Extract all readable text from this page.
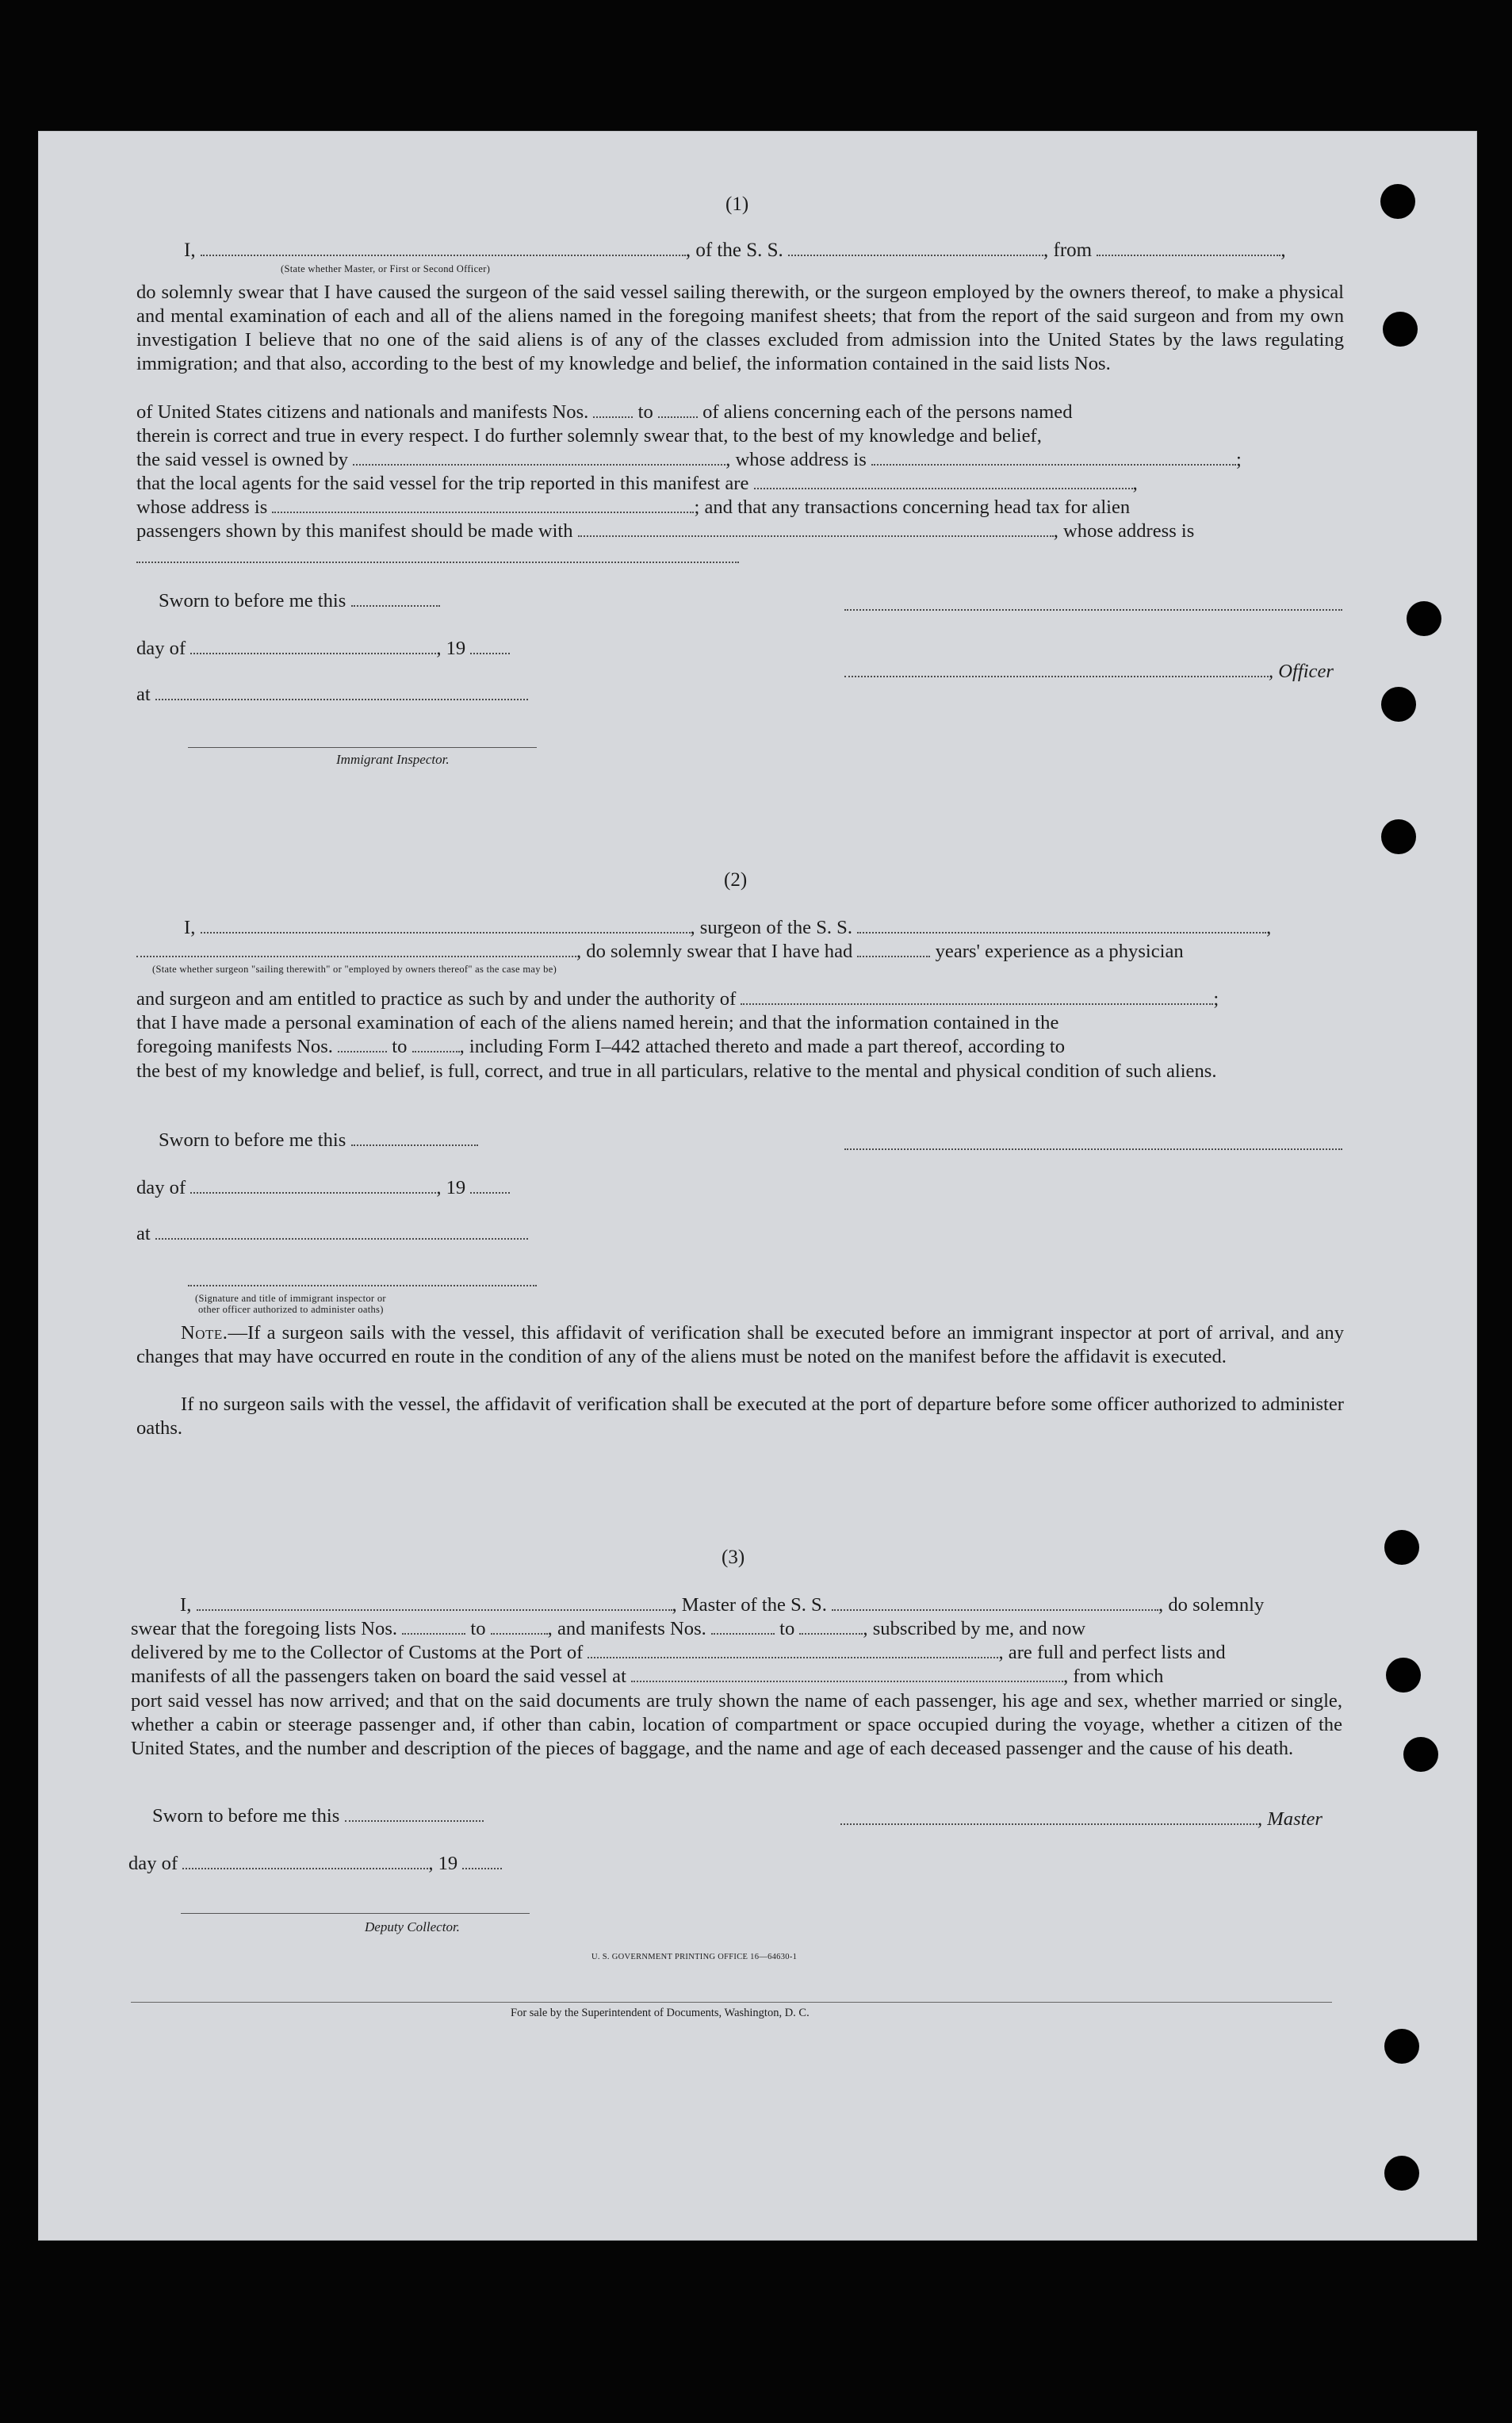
(1)
I,	, of the S. S.	, from	,
(State whether Master, or First or Second Officer)

do solemnly swear that I have caused the surgeon of the said vessel sailing therewith, or the surgeon employed by the owners thereof, to make a physical and mental examination of each and all of the aliens named in the foregoing manifest sheets; that from the report of the said surgeon and from my own investigation I believe that no one of the said aliens is of any of the classes excluded from admission into the United States by the laws regulating immigration; and that also, according to the best of my knowledge and belief, the information contained in the said lists Nos.

of United States citizens and nationals and manifests Nos.	to	of aliens concerning each of the persons named
therein is correct and true in every respect. I do further solemnly swear that, to the best of my knowledge and belief,
the said vessel is owned by	, whose address is	;
that the local agents for the said vessel for the trip reported in this manifest are	,
whose address is	; and that any transactions concerning head tax for alien
passengers shown by this manifest should be made with	, whose address is
Sworn to before me this
day of	, 19
, Officer
at
Immigrant Inspector.
(2)
I,	, surgeon of the S. S.	,
, do solemnly swear that I have had	years' experience as a physician
(State whether surgeon "sailing therewith" or "employed by owners thereof" as the case may be)
and surgeon and am entitled to practice as such by and under the authority of	;
that I have made a personal examination of each of the aliens named herein; and that the information contained in the
foregoing manifests Nos.	to	, including Form I–442 attached thereto and made a part thereof, according to

the best of my knowledge and belief, is full, correct, and true in all particulars, relative to the mental and physical condition of such aliens.

Sworn to before me this
day of	, 19
at
(Signature and title of immigrant inspector or
other officer authorized to administer oaths)

Note.—If a surgeon sails with the vessel, this affidavit of verification shall be executed before an immigrant inspector at port of arrival, and any changes that may have occurred en route in the condition of any of the aliens must be noted on the manifest before the affidavit is executed.

If no surgeon sails with the vessel, the affidavit of verification shall be executed at the port of departure before some officer authorized to administer oaths.

(3)
I,	, Master of the S. S.	, do solemnly
swear that the foregoing lists Nos.	to	, and manifests Nos.	to	, subscribed by me, and now
delivered by me to the Collector of Customs at the Port of	, are full and perfect lists and
manifests of all the passengers taken on board the said vessel at	, from which

port said vessel has now arrived; and that on the said documents are truly shown the name of each passenger, his age and sex, whether married or single, whether a cabin or steerage passenger and, if other than cabin, location of compartment or space occupied during the voyage, whether a citizen of the United States, and the number and description of the pieces of baggage, and the name and age of each deceased passenger and the cause of his death.

Sworn to before me this	, Master
day of	, 19
Deputy Collector.
U. S. GOVERNMENT PRINTING OFFICE 16—64630-1
For sale by the Superintendent of Documents, Washington, D. C.
